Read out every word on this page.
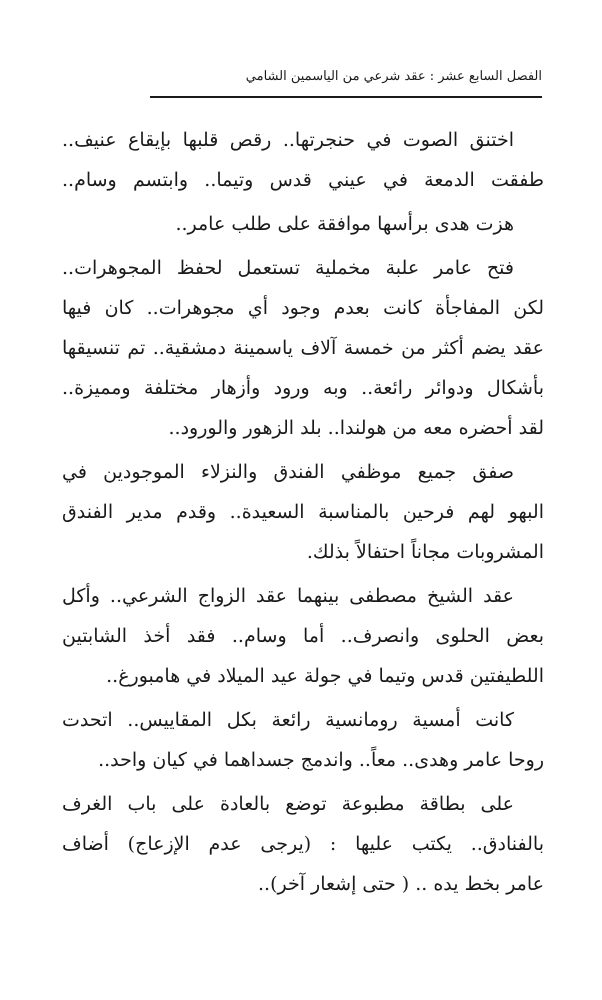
الفصل السابع عشر : عقد شرعي من الياسمين الشامي
اختنق الصوت في حنجرتها.. رقص قلبها بإيقاع عنيف..
طفقت الدمعة في عيني قدس وتيما.. وابتسم وسام..
هزت هدى برأسها موافقة على طلب عامر..
فتح عامر علبة مخملية تستعمل لحفظ المجوهرات..
لكن المفاجأة كانت بعدم وجود أي مجوهرات.. كان فيها
عقد يضم أكثر من خمسة آلاف ياسمينة دمشقية.. تم تنسيقها
بأشكال ودوائر رائعة.. وبه ورود وأزهار مختلفة ومميزة..
لقد أحضره معه من هولندا.. بلد الزهور والورود..
صفق جميع موظفي الفندق والنزلاء الموجودين في
البهو لهم فرحين بالمناسبة السعيدة.. وقدم مدير الفندق
المشروبات مجاناً احتفالاً بذلك.
عقد الشيخ مصطفى بينهما عقد الزواج الشرعي.. وأكل
بعض الحلوى وانصرف.. أما وسام.. فقد أخذ الشابتين
اللطيفتين قدس وتيما في جولة عيد الميلاد في هامبورغ..
كانت أمسية رومانسية رائعة بكل المقاييس.. اتحدت
روحا عامر وهدى.. معاً.. واندمج جسداهما في كيان واحد..
على بطاقة مطبوعة توضع بالعادة على باب الغرف
بالفنادق.. يكتب عليها : (يرجى عدم الإزعاج) أضاف
عامر بخط يده .. ( حتى إشعار آخر)..
